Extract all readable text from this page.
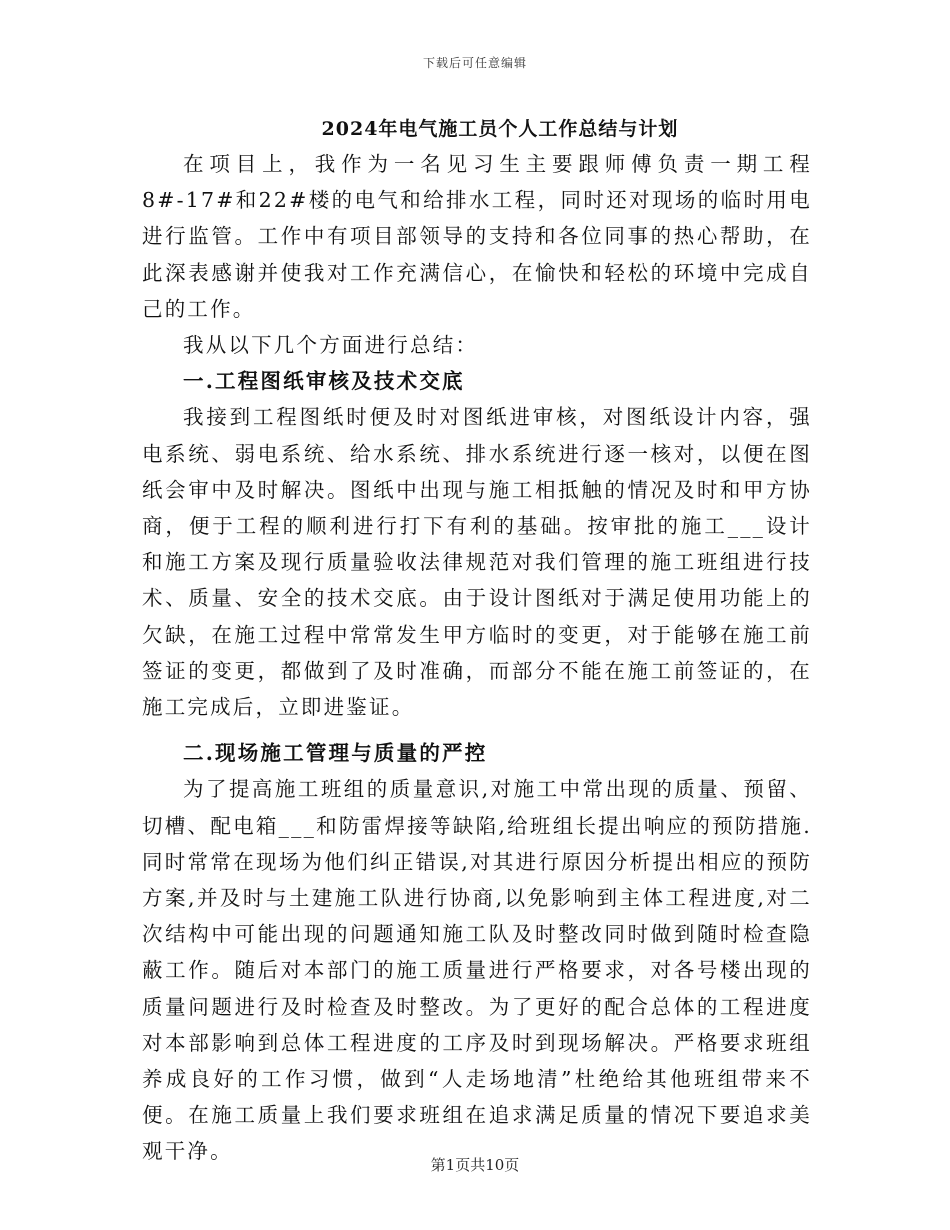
下载后可任意编辑
2024年电气施工员个人工作总结与计划

在项目上，我作为一名见习生主要跟师傅负责一期工程8#-17#和22#楼的电气和给排水工程，同时还对现场的临时用电进行监管。工作中有项目部领导的支持和各位同事的热心帮助，在此深表感谢并使我对工作充满信心，在愉快和轻松的环境中完成自己的工作。

我从以下几个方面进行总结：

一.工程图纸审核及技术交底

我接到工程图纸时便及时对图纸进审核，对图纸设计内容，强电系统、弱电系统、给水系统、排水系统进行逐一核对，以便在图纸会审中及时解决。图纸中出现与施工相抵触的情况及时和甲方协商，便于工程的顺利进行打下有利的基础。按审批的施工___设计和施工方案及现行质量验收法律规范对我们管理的施工班组进行技术、质量、安全的技术交底。由于设计图纸对于满足使用功能上的欠缺，在施工过程中常常发生甲方临时的变更，对于能够在施工前签证的变更，都做到了及时准确，而部分不能在施工前签证的，在施工完成后，立即进鉴证。

二.现场施工管理与质量的严控

为了提高施工班组的质量意识,对施工中常出现的质量、预留、切槽、配电箱___和防雷焊接等缺陷,给班组长提出响应的预防措施.同时常常在现场为他们纠正错误,对其进行原因分析提出相应的预防方案,并及时与土建施工队进行协商,以免影响到主体工程进度,对二次结构中可能出现的问题通知施工队及时整改同时做到随时检查隐蔽工作。随后对本部门的施工质量进行严格要求，对各号楼出现的质量问题进行及时检查及时整改。为了更好的配合总体的工程进度对本部影响到总体工程进度的工序及时到现场解决。严格要求班组养成良好的工作习惯，做到“人走场地清”杜绝给其他班组带来不便。在施工质量上我们要求班组在追求满足质量的情况下要追求美观干净。

第1页共10页
